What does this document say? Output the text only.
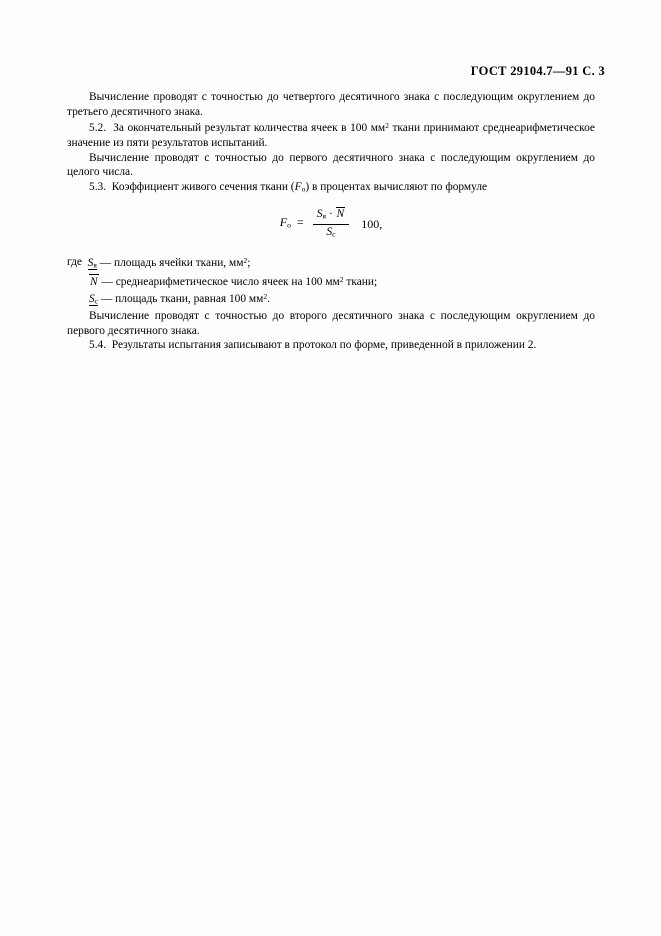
ГОСТ 29104.7—91 С. 3

Вычисление проводят с точностью до четвертого десятичного знака с последующим округлением до третьего десятичного знака.

5.2. За окончательный результат количества ячеек в 100 $мм^2$ ткани принимают среднеарифметическое значение из пяти результатов испытаний.

Вычисление проводят с точностью до первого десятичного знака с последующим округлением до целого числа.

5.3. Коэффициент живого сечения ткани $(F_о)$ в процентах вычисляют по формуле

$F_о = \frac{S_я \cdot N}{S_с} 100$,

где $S_я$ — площадь ячейки ткани, $мм^2$;

N — среднеарифметическое число ячеек на 100 $мм^2$ ткани;

$S_с$ — площадь ткани, равная 100 $мм^2$.

Вычисление проводят с точностью до второго десятичного знака с последующим округлением до первого десятичного знака.

5.4. Результаты испытания записывают в протокол по форме, приведенной в приложении 2.
